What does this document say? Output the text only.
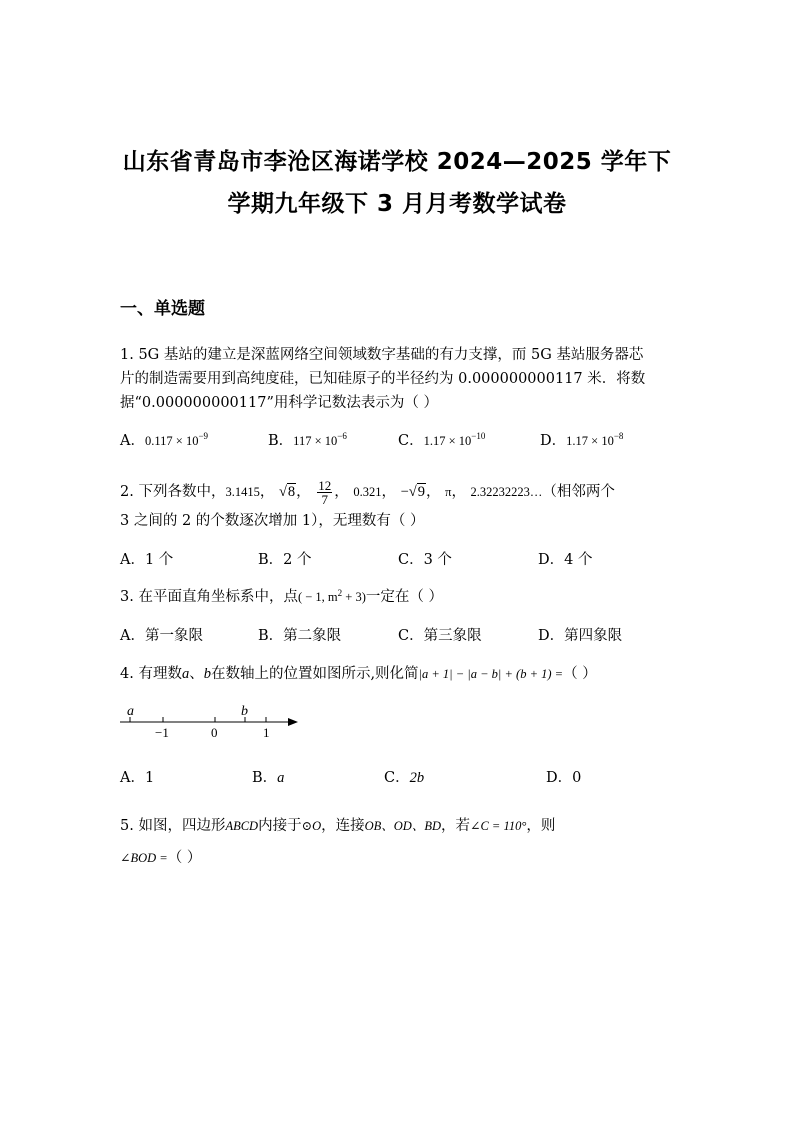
山东省青岛市李沧区海诺学校 2024—2025 学年下
学期九年级下 3 月月考数学试卷
一、单选题
1. 5G 基站的建立是深蓝网络空间领域数字基础的有力支撑，而 5G 基站服务器芯
片的制造需要用到高纯度硅，已知硅原子的半径约为 0.000000000117 米．将数
据“0.000000000117”用科学记数法表示为（ ）
A．$0.117 \times 10^{-9}$	B．$117 \times 10^{-6}$	C．$1.17 \times 10^{-10}$	D．$1.17 \times 10^{-8}$
2. 下列各数中，3.1415， √8， $\frac{12}{7}$ ， 0.321， −√9， π， 2.32232223…（相邻两个
3 之间的 2 的个数逐次增加 1），无理数有（ ）
A．1 个	B．2 个	C．3 个	D．4 个
3. 在平面直角坐标系中，点( − 1, $m^2 + 3$)一定在（ ）
A．第一象限	B．第二象限	C．第三象限	D．第四象限
4. 有理数a、b在数轴上的位置如图所示,则化简|a + 1| − |a − b| + (b + 1) =（ ）
a	b
−1	0	1
A．1	B．a	C．2b	D．0
5. 如图，四边形ABCD内接于⊙O，连接OB、OD、BD，若∠C = 110°，则
∠BOD =（ ）
